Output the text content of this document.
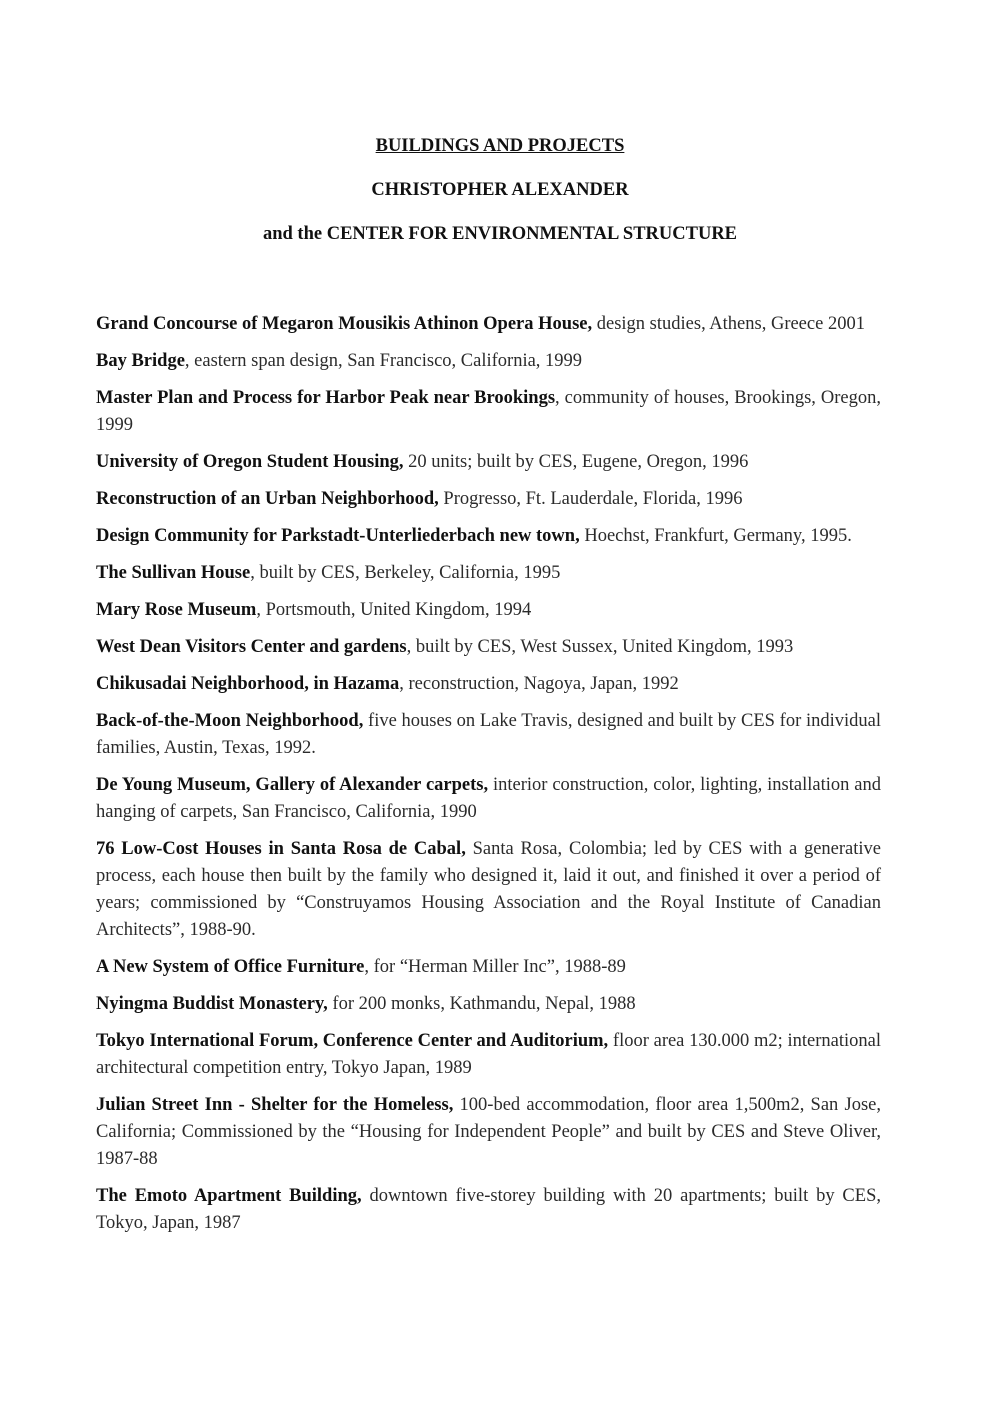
BUILDINGS AND PROJECTS
CHRISTOPHER ALEXANDER
and the CENTER FOR ENVIRONMENTAL STRUCTURE

Grand Concourse of Megaron Mousikis Athinon Opera House, design studies, Athens, Greece 2001

Bay Bridge, eastern span design, San Francisco, California, 1999

Master Plan and Process for Harbor Peak near Brookings, community of houses, Brookings, Oregon, 1999

University of Oregon Student Housing, 20 units; built by CES, Eugene, Oregon, 1996

Reconstruction of an Urban Neighborhood, Progresso, Ft. Lauderdale, Florida, 1996

Design Community for Parkstadt-Unterliederbach new town, Hoechst, Frankfurt, Germany, 1995.

The Sullivan House, built by CES, Berkeley, California, 1995

Mary Rose Museum, Portsmouth, United Kingdom, 1994

West Dean Visitors Center and gardens, built by CES, West Sussex, United Kingdom, 1993

Chikusadai Neighborhood, in Hazama, reconstruction, Nagoya, Japan, 1992

Back-of-the-Moon Neighborhood, five houses on Lake Travis, designed and built by CES for individual families, Austin, Texas, 1992.

De Young Museum, Gallery of Alexander carpets, interior construction, color, lighting, installation and hanging of carpets, San Francisco, California, 1990

76 Low-Cost Houses in Santa Rosa de Cabal, Santa Rosa, Colombia; led by CES with a generative process, each house then built by the family who designed it, laid it out, and finished it over a period of years; commissioned by “Construyamos Housing Association and the Royal Institute of Canadian Architects”, 1988-90.

A New System of Office Furniture, for “Herman Miller Inc”, 1988-89

Nyingma Buddist Monastery, for 200 monks, Kathmandu, Nepal, 1988

Tokyo International Forum, Conference Center and Auditorium, floor area 130.000 m2; international architectural competition entry, Tokyo Japan, 1989

Julian Street Inn - Shelter for the Homeless, 100-bed accommodation, floor area 1,500m2, San Jose, California; Commissioned by the “Housing for Independent People” and built by CES and Steve Oliver, 1987-88

The Emoto Apartment Building, downtown five-storey building with 20 apartments; built by CES, Tokyo, Japan, 1987
